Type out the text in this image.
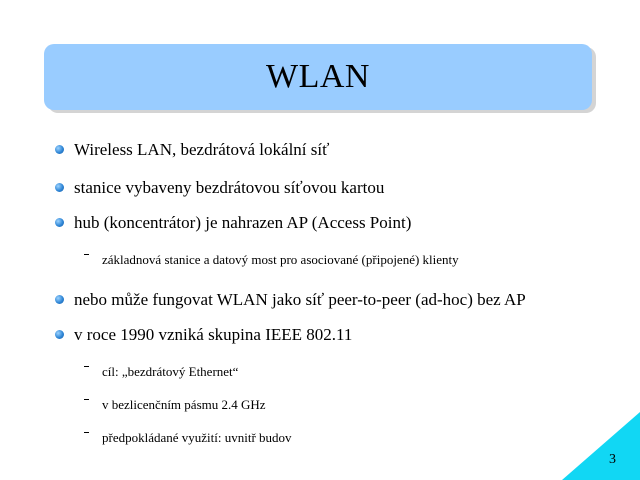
WLAN
Wireless LAN, bezdrátová lokální síť
stanice vybaveny bezdrátovou síťovou kartou
hub (koncentrátor) je nahrazen AP (Access Point)
základnová stanice a datový most pro asociované (připojené) klienty
nebo může fungovat WLAN jako síť peer-to-peer (ad-hoc) bez AP
v roce 1990 vzniká skupina IEEE 802.11
cíl: „bezdrátový Ethernet“
v bezlicenčním pásmu 2.4 GHz
předpokládané využití: uvnitř budov
3
